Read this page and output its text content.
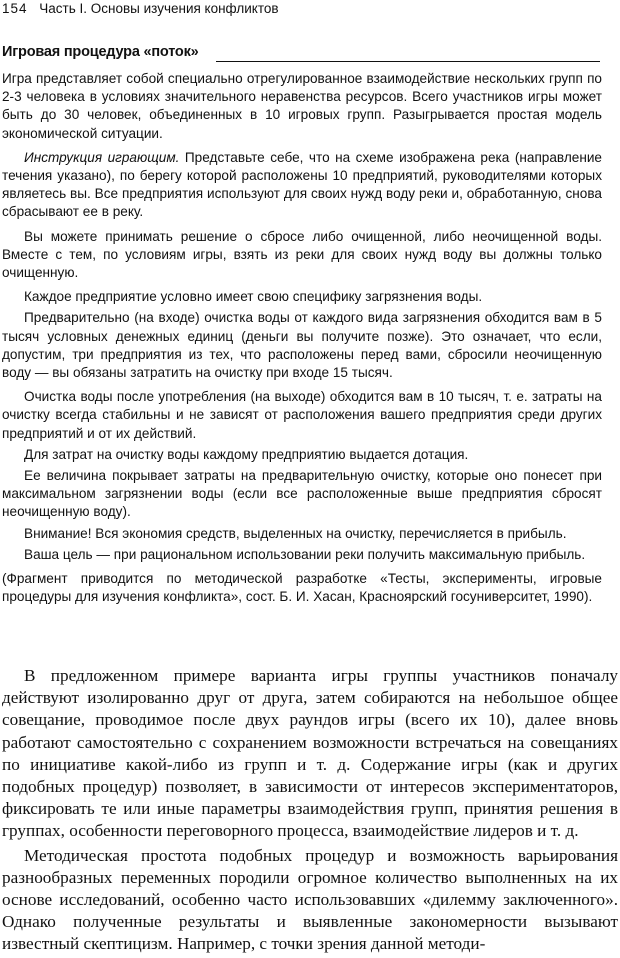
154 Часть I. Основы изучения конфликтов
Игровая процедура «поток»

Игра представляет собой специально отрегулированное взаимодействие нескольких групп по 2-3 человека в условиях значительного неравенства ресурсов. Всего участников игры может быть до 30 человек, объединенных в 10 игровых групп. Разыгрывается простая модель экономической ситуации.

Инструкция играющим. Представьте себе, что на схеме изображена река (направление течения указано), по берегу которой расположены 10 предприятий, руководителями которых являетесь вы. Все предприятия используют для своих нужд воду реки и, обработанную, снова сбрасывают ее в реку.

Вы можете принимать решение о сбросе либо очищенной, либо неочищенной воды. Вместе с тем, по условиям игры, взять из реки для своих нужд воду вы должны только очищенную.

Каждое предприятие условно имеет свою специфику загрязнения воды.

Предварительно (на входе) очистка воды от каждого вида загрязнения обходится вам в 5 тысяч условных денежных единиц (деньги вы получите позже). Это означает, что если, допустим, три предприятия из тех, что расположены перед вами, сбросили неочищенную воду — вы обязаны затратить на очистку при входе 15 тысяч.

Очистка воды после употребления (на выходе) обходится вам в 10 тысяч, т. е. затраты на очистку всегда стабильны и не зависят от расположения вашего предприятия среди других предприятий и от их действий.

Для затрат на очистку воды каждому предприятию выдается дотация.

Ее величина покрывает затраты на предварительную очистку, которые оно понесет при максимальном загрязнении воды (если все расположенные выше предприятия сбросят неочищенную воду).

Внимание! Вся экономия средств, выделенных на очистку, перечисляется в прибыль.

Ваша цель — при рациональном использовании реки получить максимальную прибыль.

(Фрагмент приводится по методической разработке «Тесты, эксперименты, игровые процедуры для изучения конфликта», сост. Б. И. Хасан, Красноярский госуниверситет, 1990).

В предложенном примере варианта игры группы участников поначалу действуют изолированно друг от друга, затем собираются на небольшое общее совещание, проводимое после двух раундов игры (всего их 10), далее вновь работают самостоятельно с сохранением возможности встречаться на совещаниях по инициативе какой-либо из групп и т. д. Содержание игры (как и других подобных процедур) позволяет, в зависимости от интересов экспериментаторов, фиксировать те или иные параметры взаимодействия групп, принятия решения в группах, особенности переговорного процесса, взаимодействие лидеров и т. д.

Методическая простота подобных процедур и возможность варьирования разнообразных переменных породили огромное количество выполненных на их основе исследований, особенно часто использовавших «дилемму заключенного». Однако полученные результаты и выявленные закономерности вызывают известный скептицизм. Например, с точки зрения данной методи-
